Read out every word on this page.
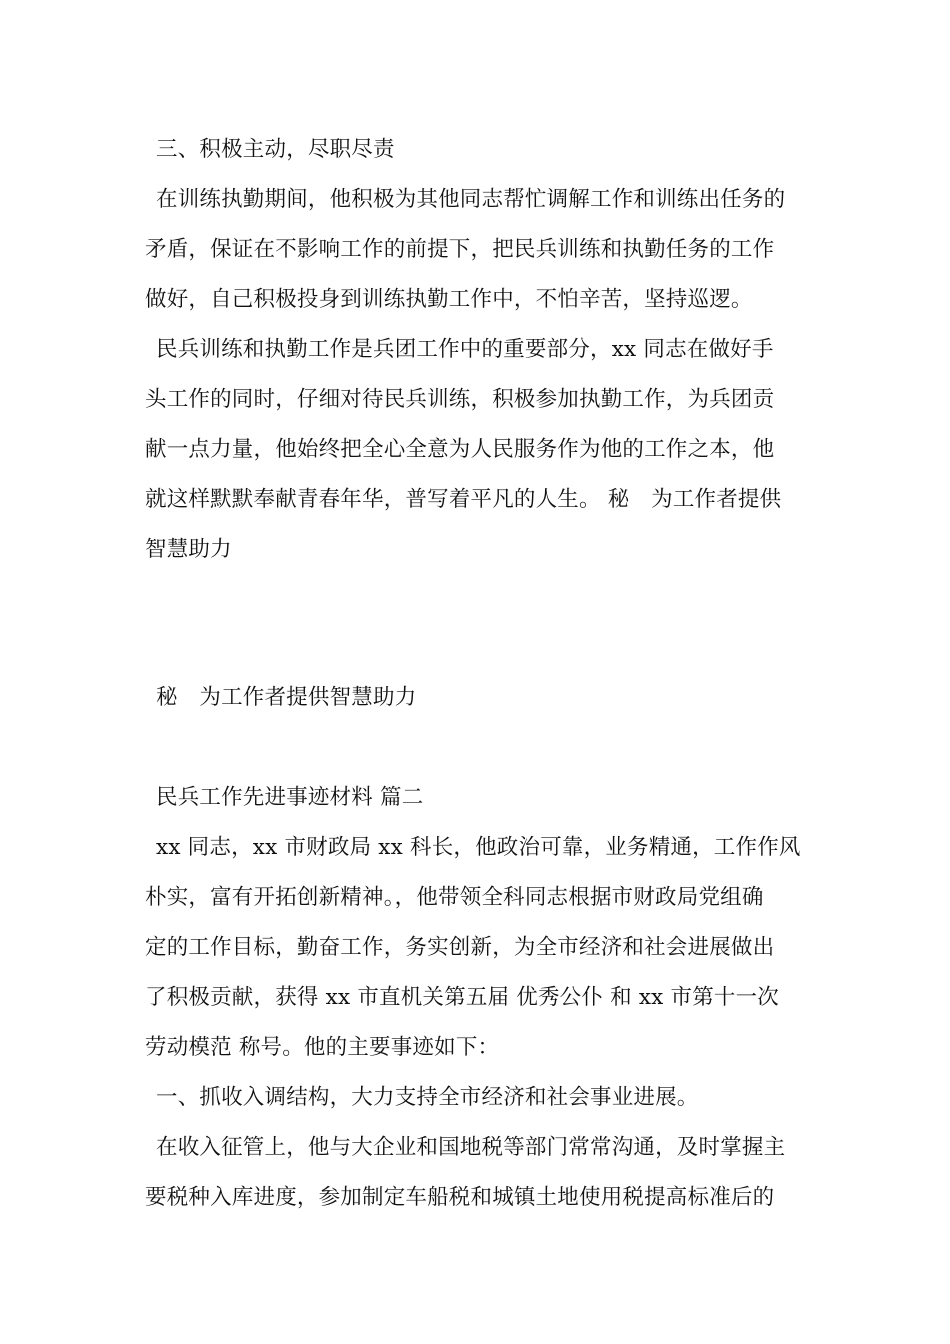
三、积极主动，尽职尽责
在训练执勤期间，他积极为其他同志帮忙调解工作和训练出任务的
矛盾，保证在不影响工作的前提下，把民兵训练和执勤任务的工作
做好，自己积极投身到训练执勤工作中，不怕辛苦，坚持巡逻。
民兵训练和执勤工作是兵团工作中的重要部分，xx 同志在做好手
头工作的同时，仔细对待民兵训练，积极参加执勤工作，为兵团贡
献一点力量，他始终把全心全意为人民服务作为他的工作之本，他
就这样默默奉献青春年华，普写着平凡的人生。 秘　为工作者提供
智慧助力
秘　为工作者提供智慧助力
民兵工作先进事迹材料 篇二
xx 同志，xx 市财政局 xx 科长，他政治可靠，业务精通，工作作风
朴实，富有开拓创新精神。，他带领全科同志根据市财政局党组确
定的工作目标，勤奋工作，务实创新，为全市经济和社会进展做出
了积极贡献，获得 xx 市直机关第五届 优秀公仆 和 xx 市第十一次
劳动模范 称号。他的主要事迹如下：
一、抓收入调结构，大力支持全市经济和社会事业进展。
在收入征管上，他与大企业和国地税等部门常常沟通，及时掌握主
要税种入库进度，参加制定车船税和城镇土地使用税提高标准后的
